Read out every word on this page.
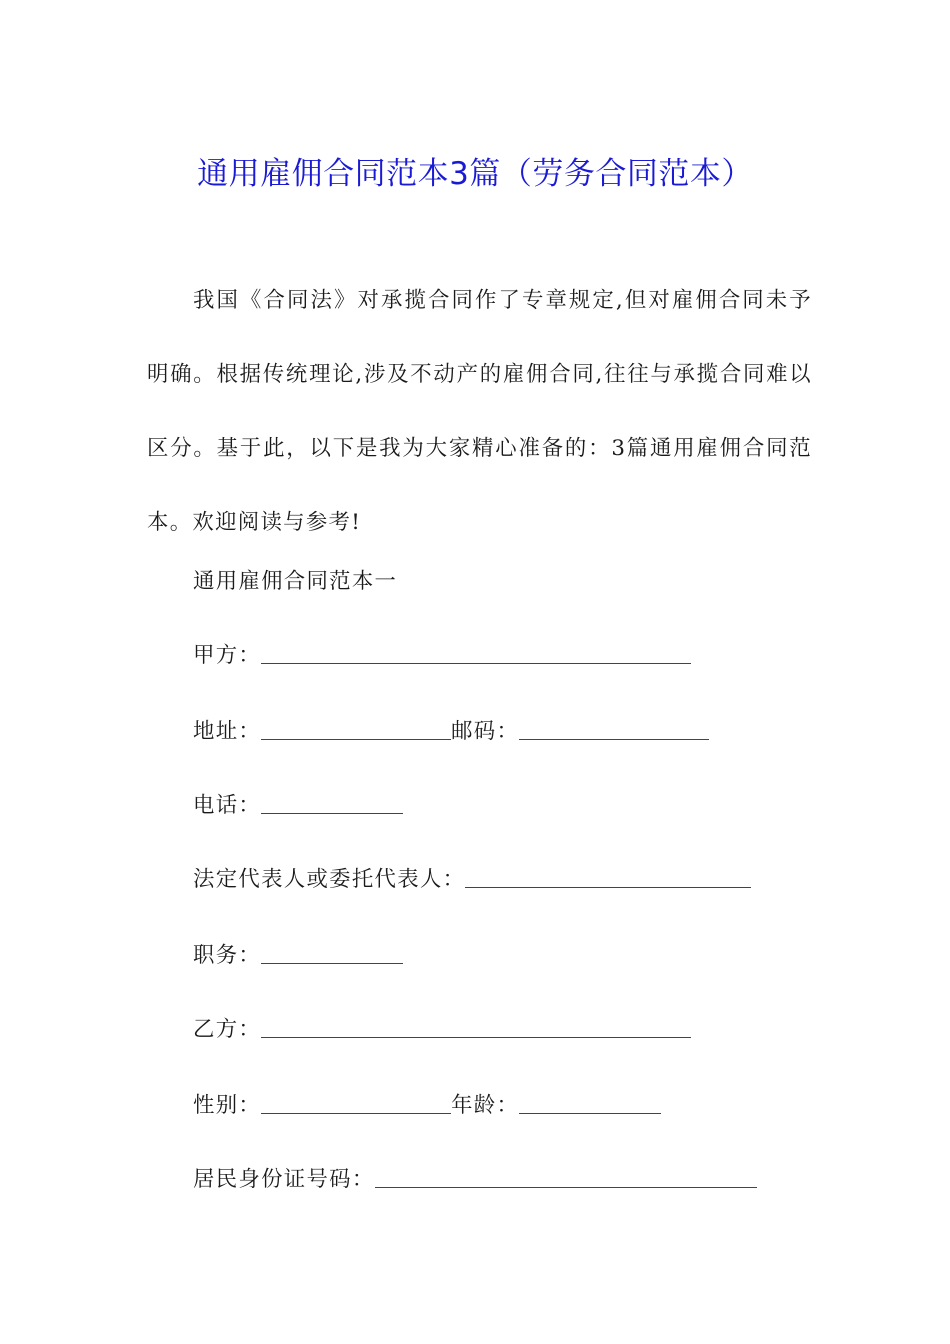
通用雇佣合同范本3篇（劳务合同范本）

我国《合同法》对承揽合同作了专章规定,但对雇佣合同未予明确。根据传统理论,涉及不动产的雇佣合同,往往与承揽合同难以区分。基于此，以下是我为大家精心准备的：3篇通用雇佣合同范本。欢迎阅读与参考!

通用雇佣合同范本一
甲方：
地址：	邮码：
电话：
法定代表人或委托代表人：
职务：
乙方：
性别：	年龄：
居民身份证号码：
